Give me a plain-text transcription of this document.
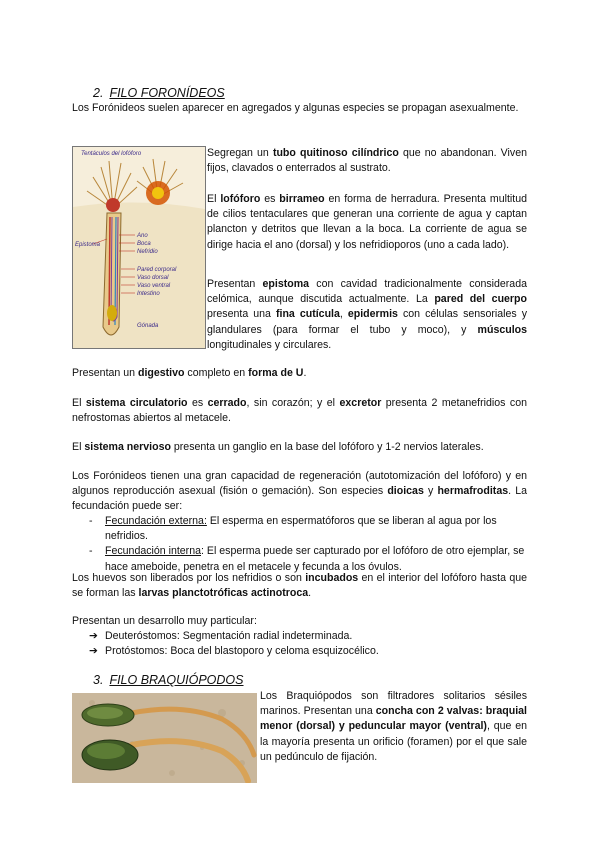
2. FILO FORONÍDEOS
Los Forónideos suelen aparecer en agregados y algunas especies se propagan asexualmente.
Tentáculos del lofóforo
Ano
Boca
Nefridio
Pared corporal
Vaso dorsal
Vaso ventral
Intestino
Gónada
Epistoma
Segregan un tubo quitinoso cilíndrico que no abandonan. Viven fijos, clavados o enterrados al sustrato.
El lofóforo es birrameo en forma de herradura. Presenta multitud de cilios tentaculares que generan una corriente de agua y captan plancton y detritos que llevan a la boca. La corriente de agua se dirige hacia el ano (dorsal) y los nefridioporos (uno a cada lado).
Presentan epistoma con cavidad tradicionalmente considerada celómica, aunque discutida actualmente. La pared del cuerpo presenta una fina cutícula, epidermis con células sensoriales y glandulares (para formar el tubo y moco), y músculos longitudinales y circulares.
Presentan un digestivo completo en forma de U.
El sistema circulatorio es cerrado, sin corazón; y el excretor presenta 2 metanefridios con nefrostomas abiertos al metacele.
El sistema nervioso presenta un ganglio en la base del lofóforo y 1-2 nervios laterales.
Los Forónideos tienen una gran capacidad de regeneración (autotomización del lofóforo) y en algunos reproducción asexual (fisión o gemación). Son especies dioicas y hermafroditas. La fecundación puede ser:
- Fecundación externa: El esperma en espermatóforos que se liberan al agua por los nefridios.
- Fecundación interna: El esperma puede ser capturado por el lofóforo de otro ejemplar, se hace ameboide, penetra en el metacele y fecunda a los óvulos.
Los huevos son liberados por los nefridios o son incubados en el interior del lofóforo hasta que se forman las larvas planctotróficas actinotroca.
Presentan un desarrollo muy particular:
➔ Deuteróstomos: Segmentación radial indeterminada.
➔ Protóstomos: Boca del blastoporo y celoma esquizocélico.
3. FILO BRAQUIÓPODOS
Los Braquiópodos son filtradores solitarios sésiles marinos. Presentan una concha con 2 valvas: braquial menor (dorsal) y peduncular mayor (ventral), que en la mayoría presenta un orificio (foramen) por el que sale un pedúnculo de fijación.
